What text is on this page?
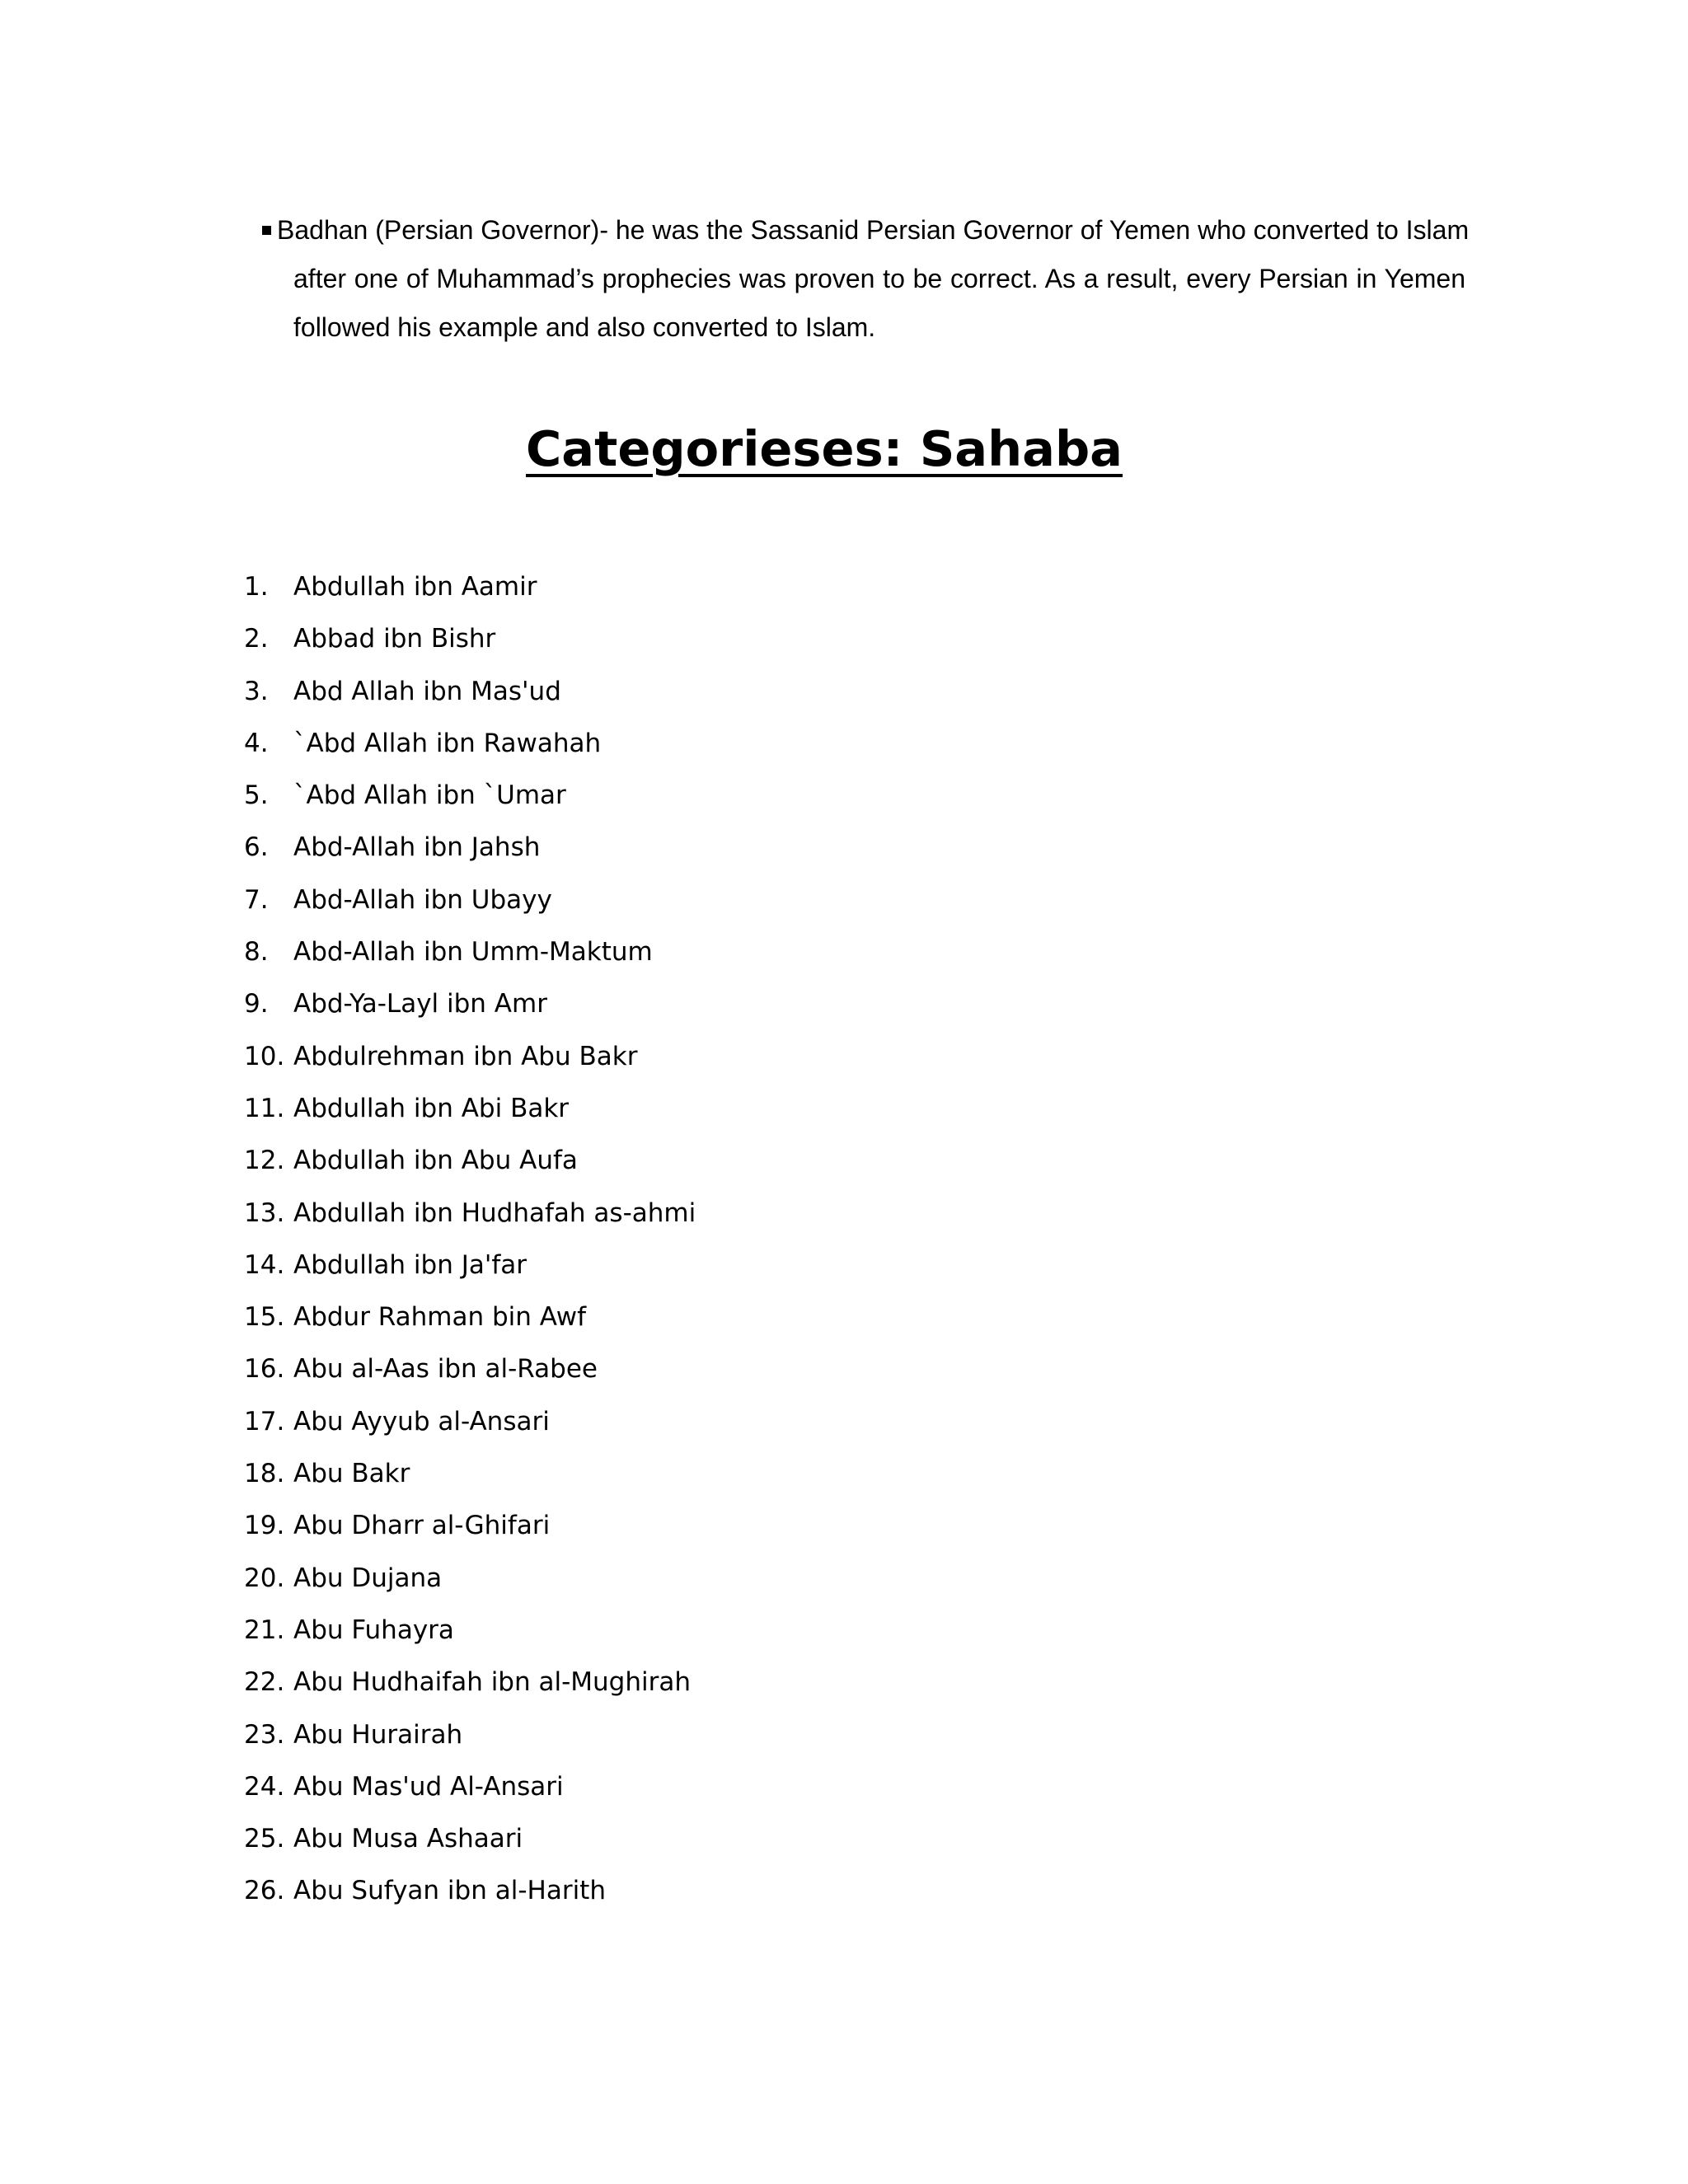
Badhan (Persian Governor)- he was the Sassanid Persian Governor of Yemen who converted to Islam
after one of Muhammad’s prophecies was proven to be correct. As a result, every Persian in Yemen
followed his example and also converted to Islam.
Categorieses: Sahaba
1. Abdullah ibn Aamir
2. Abbad ibn Bishr
3. Abd Allah ibn Mas'ud
4. `Abd Allah ibn Rawahah
5. `Abd Allah ibn `Umar
6. Abd-Allah ibn Jahsh
7. Abd-Allah ibn Ubayy
8. Abd-Allah ibn Umm-Maktum
9. Abd-Ya-Layl ibn Amr
10. Abdulrehman ibn Abu Bakr
11. Abdullah ibn Abi Bakr
12. Abdullah ibn Abu Aufa
13. Abdullah ibn Hudhafah as-ahmi
14. Abdullah ibn Ja'far
15. Abdur Rahman bin Awf
16. Abu al-Aas ibn al-Rabee
17. Abu Ayyub al-Ansari
18. Abu Bakr
19. Abu Dharr al-Ghifari
20. Abu Dujana
21. Abu Fuhayra
22. Abu Hudhaifah ibn al-Mughirah
23. Abu Hurairah
24. Abu Mas'ud Al-Ansari
25. Abu Musa Ashaari
26. Abu Sufyan ibn al-Harith
